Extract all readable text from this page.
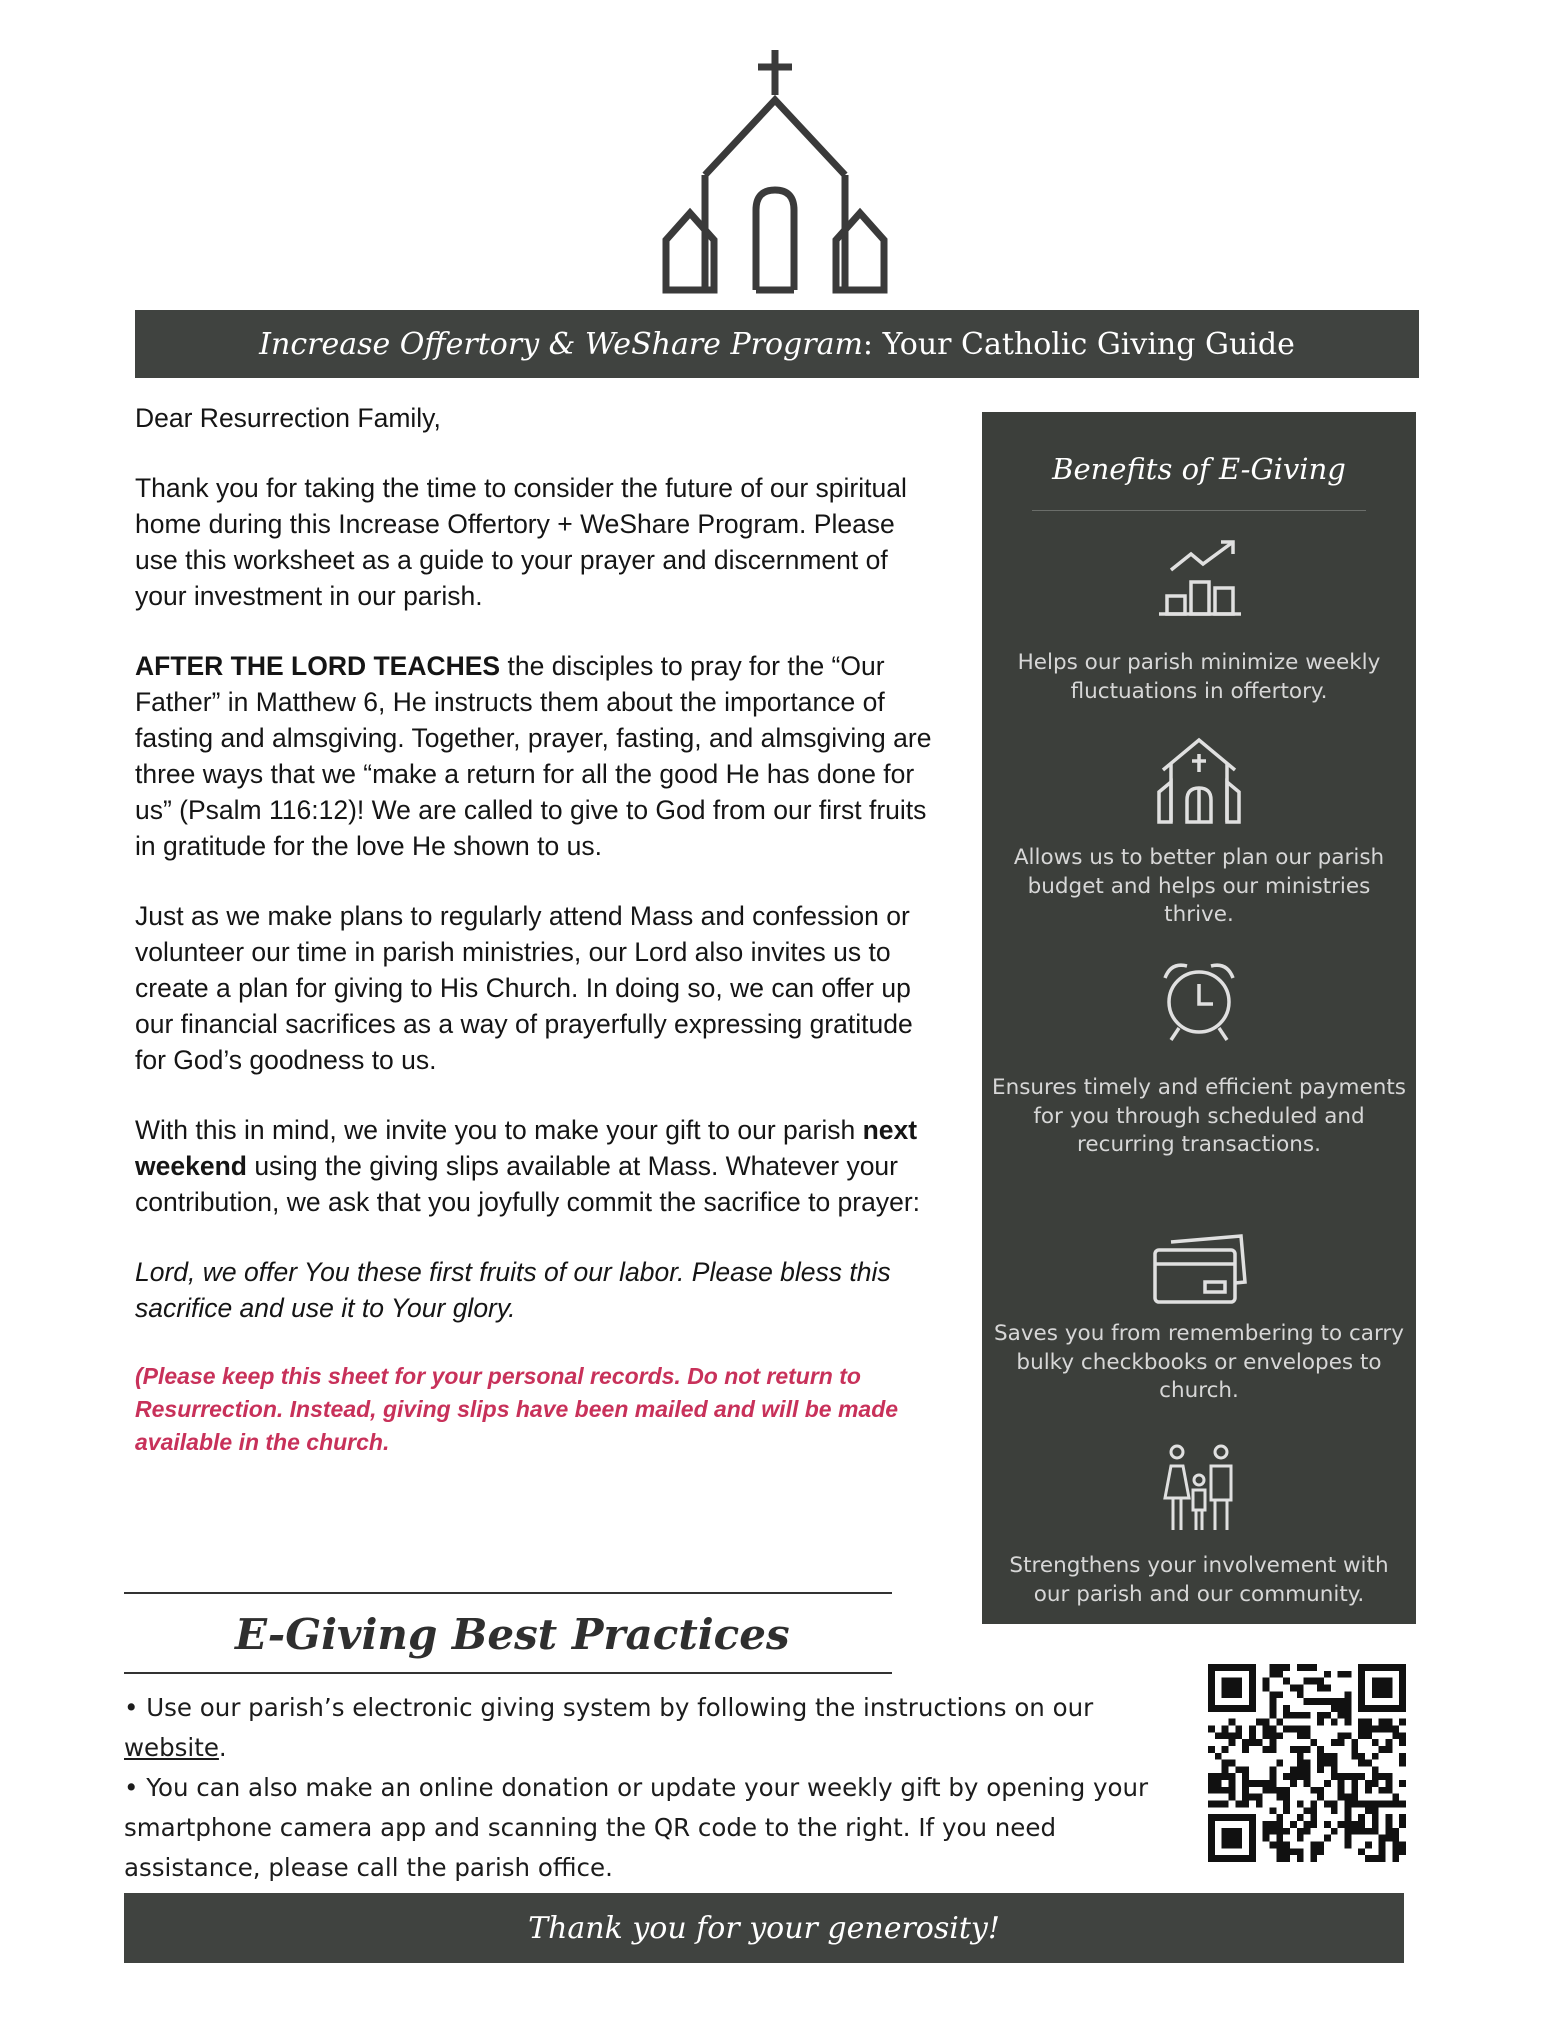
Increase Offertory & WeShare Program: Your Catholic Giving Guide

Dear Resurrection Family,

Thank you for taking the time to consider the future of our spiritual home during this Increase Offertory + WeShare Program. Please use this worksheet as a guide to your prayer and discernment of your investment in our parish.

AFTER THE LORD TEACHES the disciples to pray for the “Our Father” in Matthew 6, He instructs them about the importance of fasting and almsgiving. Together, prayer, fasting, and almsgiving are three ways that we “make a return for all the good He has done for us” (Psalm 116:12)! We are called to give to God from our first fruits in gratitude for the love He shown to us.

Just as we make plans to regularly attend Mass and confession or volunteer our time in parish ministries, our Lord also invites us to create a plan for giving to His Church. In doing so, we can offer up our financial sacrifices as a way of prayerfully expressing gratitude for God’s goodness to us.

With this in mind, we invite you to make your gift to our parish next weekend using the giving slips available at Mass. Whatever your contribution, we ask that you joyfully commit the sacrifice to prayer:

Lord, we offer You these first fruits of our labor. Please bless this sacrifice and use it to Your glory.

(Please keep this sheet for your personal records. Do not return to Resurrection. Instead, giving slips have been mailed and will be made available in the church.

Benefits of E-Giving
Helps our parish minimize weekly fluctuations in offertory.
Allows us to better plan our parish budget and helps our ministries thrive.
Ensures timely and efficient payments for you through scheduled and recurring transactions.
Saves you from remembering to carry bulky checkbooks or envelopes to church.
Strengthens your involvement with our parish and our community.
E-Giving Best Practices

• Use our parish’s electronic giving system by following the instructions on our website.

• You can also make an online donation or update your weekly gift by opening your smartphone camera app and scanning the QR code to the right. If you need assistance, please call the parish office.

Thank you for your generosity!
